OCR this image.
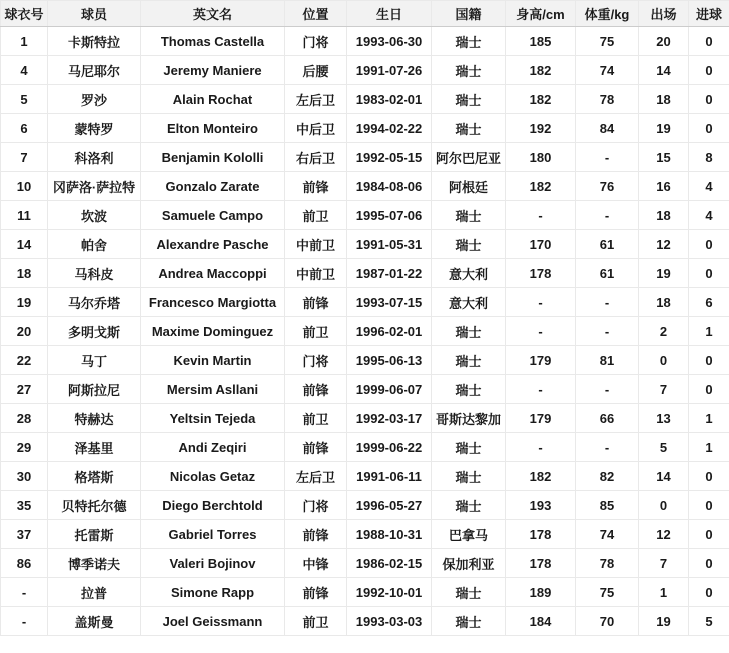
球衣号	球员	英文名	位置	生日	国籍	身高/cm	体重/kg	出场	进球
1	卡斯特拉	Thomas Castella	门将	1993-06-30	瑞士	185	75	20	0
4	马尼耶尔	Jeremy Maniere	后腰	1991-07-26	瑞士	182	74	14	0
5	罗沙	Alain Rochat	左后卫	1983-02-01	瑞士	182	78	18	0
6	蒙特罗	Elton Monteiro	中后卫	1994-02-22	瑞士	192	84	19	0
7	科洛利	Benjamin Kololli	右后卫	1992-05-15	阿尔巴尼亚	180	-	15	8
10	冈萨洛·萨拉特	Gonzalo Zarate	前锋	1984-08-06	阿根廷	182	76	16	4
11	坎波	Samuele Campo	前卫	1995-07-06	瑞士	-	-	18	4
14	帕舍	Alexandre Pasche	中前卫	1991-05-31	瑞士	170	61	12	0
18	马科皮	Andrea Maccoppi	中前卫	1987-01-22	意大利	178	61	19	0
19	马尔乔塔	Francesco Margiotta	前锋	1993-07-15	意大利	-	-	18	6
20	多明戈斯	Maxime Dominguez	前卫	1996-02-01	瑞士	-	-	2	1
22	马丁	Kevin Martin	门将	1995-06-13	瑞士	179	81	0	0
27	阿斯拉尼	Mersim Asllani	前锋	1999-06-07	瑞士	-	-	7	0
28	特赫达	Yeltsin Tejeda	前卫	1992-03-17	哥斯达黎加	179	66	13	1
29	泽基里	Andi Zeqiri	前锋	1999-06-22	瑞士	-	-	5	1
30	格塔斯	Nicolas Getaz	左后卫	1991-06-11	瑞士	182	82	14	0
35	贝特托尔德	Diego Berchtold	门将	1996-05-27	瑞士	193	85	0	0
37	托雷斯	Gabriel Torres	前锋	1988-10-31	巴拿马	178	74	12	0
86	博季诺夫	Valeri Bojinov	中锋	1986-02-15	保加利亚	178	78	7	0
-	拉普	Simone Rapp	前锋	1992-10-01	瑞士	189	75	1	0
-	盖斯曼	Joel Geissmann	前卫	1993-03-03	瑞士	184	70	19	5
